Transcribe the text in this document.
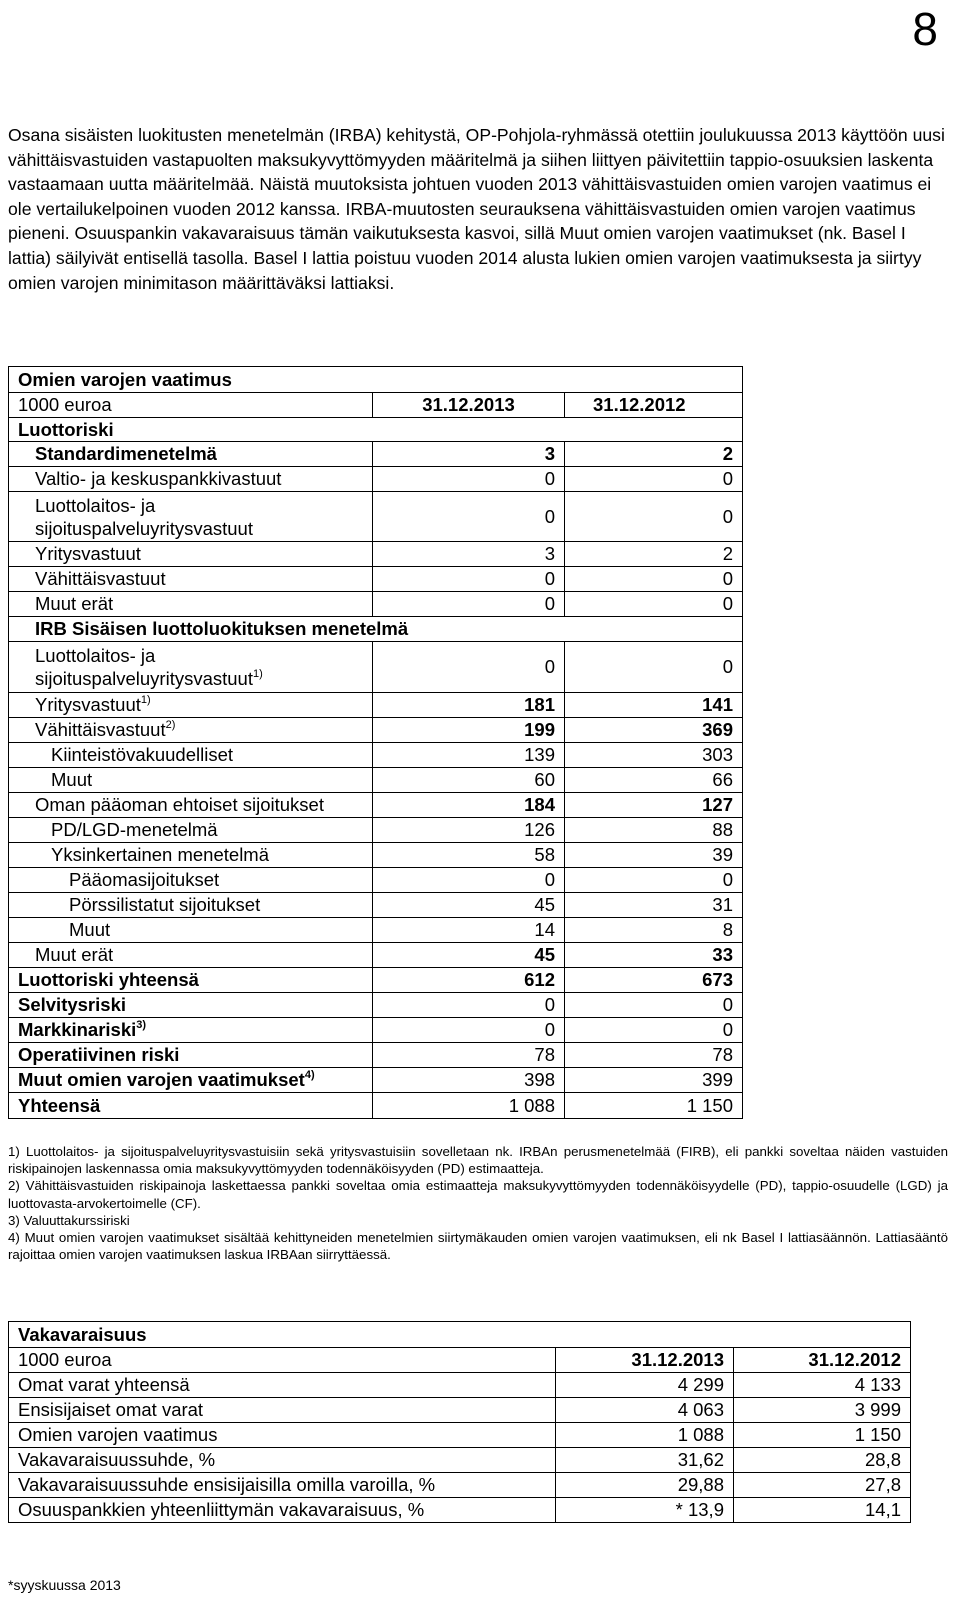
8

Osana sisäisten luokitusten menetelmän (IRBA) kehitystä, OP-Pohjola-ryhmässä otettiin joulukuussa 2013 käyttöön uusi vähittäisvastuiden vastapuolten maksukyvyttömyyden määritelmä ja siihen liittyen päivitettiin tappio-osuuksien laskenta vastaamaan uutta määritelmää. Näistä muutoksista johtuen vuoden 2013 vähittäisvastuiden omien varojen vaatimus ei ole vertailukelpoinen vuoden 2012 kanssa. IRBA-muutosten seurauksena vähittäisvastuiden omien varojen vaatimus pieneni. Osuuspankin vakavaraisuus tämän vaikutuksesta kasvoi, sillä Muut omien varojen vaatimukset (nk. Basel I lattia) säilyivät entisellä tasolla. Basel I lattia poistuu vuoden 2014 alusta lukien omien varojen vaatimuksesta ja siirtyy omien varojen minimitason määrittäväksi lattiaksi.

Omien varojen vaatimus		
1000 euroa	31.12.2013	31.12.2012
Luottoriski		
Standardimenetelmä	3	2
Valtio- ja keskuspankkivastuut	0	0
Luottolaitos- ja sijoituspalveluyritysvastuut	0	0
Yritysvastuut	3	2
Vähittäisvastuut	0	0
Muut erät	0	0
IRB Sisäisen luottoluokituksen menetelmä		
Luottolaitos- ja sijoituspalveluyritysvastuut$^{1)}$	0	0
Yritysvastuut$^{1)}$	181	141
Vähittäisvastuut$^{2)}$	199	369
Kiinteistövakuudelliset	139	303
Muut	60	66
Oman pääoman ehtoiset sijoitukset	184	127
PD/LGD-menetelmä	126	88
Yksinkertainen menetelmä	58	39
Pääomasijoitukset	0	0
Pörssilistatut sijoitukset	45	31
Muut	14	8
Muut erät	45	33
Luottoriski yhteensä	612	673
Selvitysriski	0	0
Markkinariski$^{3)}$	0	0
Operatiivinen riski	78	78
Muut omien varojen vaatimukset$^{4)}$	398	399
Yhteensä	1 088	1 150

1) Luottolaitos- ja sijoituspalveluyritysvastuisiin sekä yritysvastuisiin sovelletaan nk. IRBAn perusmenetelmää (FIRB), eli pankki soveltaa näiden vastuiden riskipainojen laskennassa omia maksukyvyttömyyden todennäköisyyden (PD) estimaatteja.

2) Vähittäisvastuiden riskipainoja laskettaessa pankki soveltaa omia estimaatteja maksukyvyttömyyden todennäköisyydelle (PD), tappio-osuudelle (LGD) ja luottovasta-arvokertoimelle (CF).

3) Valuuttakurssiriski

4) Muut omien varojen vaatimukset sisältää kehittyneiden menetelmien siirtymäkauden omien varojen vaatimuksen, eli nk Basel I lattiasäännön. Lattiasääntö rajoittaa omien varojen vaatimuksen laskua IRBAan siirryttäessä.

Vakavaraisuus		
1000 euroa	31.12.2013	31.12.2012
Omat varat yhteensä	4 299	4 133
Ensisijaiset omat varat	4 063	3 999
Omien varojen vaatimus	1 088	1 150
Vakavaraisuussuhde, %	31,62	28,8
Vakavaraisuussuhde ensisijaisilla omilla varoilla, %	29,88	27,8
Osuuspankkien yhteenliittymän vakavaraisuus, %	* 13,9	14,1
*syyskuussa 2013
